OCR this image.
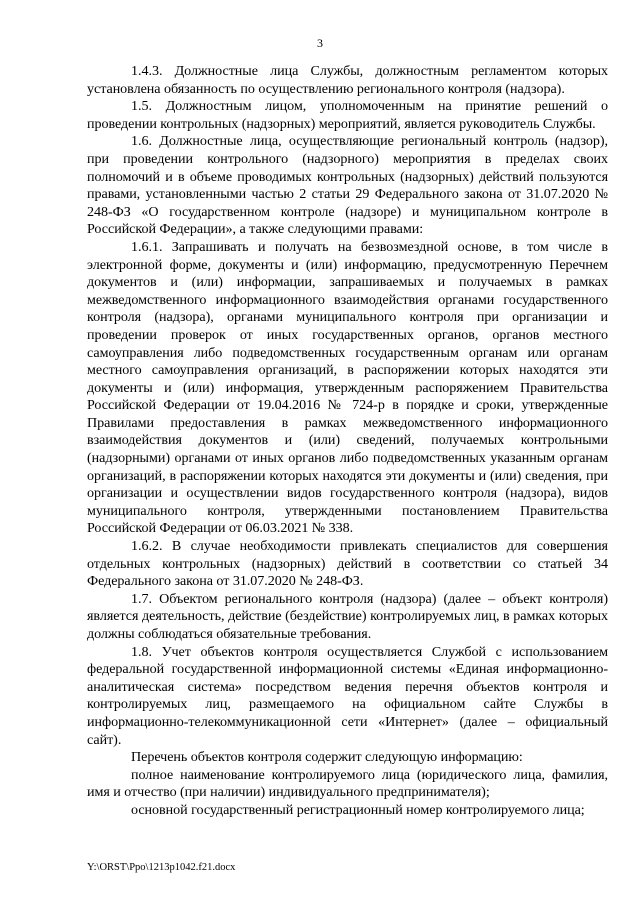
3

1.4.3. Должностные лица Службы, должностным регламентом которых установлена обязанность по осуществлению регионального контроля (надзора).

1.5. Должностным лицом, уполномоченным на принятие решений о проведении контрольных (надзорных) мероприятий, является руководитель Службы.

1.6. Должностные лица, осуществляющие региональный контроль (надзор), при проведении контрольного (надзорного) мероприятия в пределах своих полномочий и в объеме проводимых контрольных (надзорных) действий пользуются правами, установленными частью 2 статьи 29 Федерального закона от 31.07.2020 № 248-ФЗ «О государственном контроле (надзоре) и муниципальном контроле в Российской Федерации», а также следующими правами:

1.6.1. Запрашивать и получать на безвозмездной основе, в том числе в электронной форме, документы и (или) информацию, предусмотренную Перечнем документов и (или) информации, запрашиваемых и получаемых в рамках межведомственного информационного взаимодействия органами государственного контроля (надзора), органами муниципального контроля при организации и проведении проверок от иных государственных органов, органов местного самоуправления либо подведомственных государственным органам или органам местного самоуправления организаций, в распоряжении которых находятся эти документы и (или) информация, утвержденным распоряжением Правительства Российской Федерации от 19.04.2016 № 724-р в порядке и сроки, утвержденные Правилами предоставления в рамках межведомственного информационного взаимодействия документов и (или) сведений, получаемых контрольными (надзорными) органами от иных органов либо подведомственных указанным органам организаций, в распоряжении которых находятся эти документы и (или) сведения, при организации и осуществлении видов государственного контроля (надзора), видов муниципального контроля, утвержденными постановлением Правительства Российской Федерации от 06.03.2021 № 338.

1.6.2. В случае необходимости привлекать специалистов для совершения отдельных контрольных (надзорных) действий в соответствии со статьей 34 Федерального закона от 31.07.2020 № 248-ФЗ.

1.7. Объектом регионального контроля (надзора) (далее – объект контроля) является деятельность, действие (бездействие) контролируемых лиц, в рамках которых должны соблюдаться обязательные требования.

1.8. Учет объектов контроля осуществляется Службой с использованием федеральной государственной информационной системы «Единая информационно-аналитическая система» посредством ведения перечня объектов контроля и контролируемых лиц, размещаемого на официальном сайте Службы в информационно-телекоммуникационной сети «Интернет» (далее – официальный сайт).

Перечень объектов контроля содержит следующую информацию:

полное наименование контролируемого лица (юридического лица, фамилия, имя и отчество (при наличии) индивидуального предпринимателя);

основной государственный регистрационный номер контролируемого лица;

Y:\ORST\Ppo\1213p1042.f21.docx
